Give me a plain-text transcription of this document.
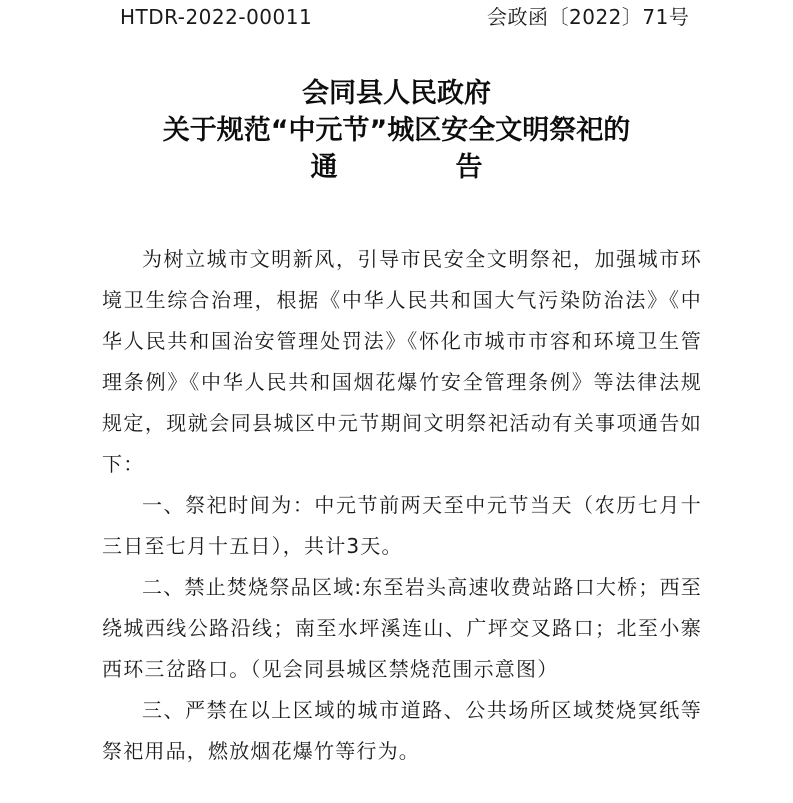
HTDR-2022-00011	会政函〔2022〕71号
会同县人民政府
关于规范“中元节”城区安全文明祭祀的
通	告

为树立城市文明新风，引导市民安全文明祭祀，加强城市环境卫生综合治理，根据《中华人民共和国大气污染防治法》《中华人民共和国治安管理处罚法》《怀化市城市市容和环境卫生管理条例》《中华人民共和国烟花爆竹安全管理条例》等法律法规规定，现就会同县城区中元节期间文明祭祀活动有关事项通告如下：

一、祭祀时间为：中元节前两天至中元节当天（农历七月十三日至七月十五日），共计3天。

二、禁止焚烧祭品区域:东至岩头高速收费站路口大桥；西至绕城西线公路沿线；南至水坪溪连山、广坪交叉路口；北至小寨西环三岔路口。（见会同县城区禁烧范围示意图）

三、严禁在以上区域的城市道路、公共场所区域焚烧冥纸等祭祀用品，燃放烟花爆竹等行为。
